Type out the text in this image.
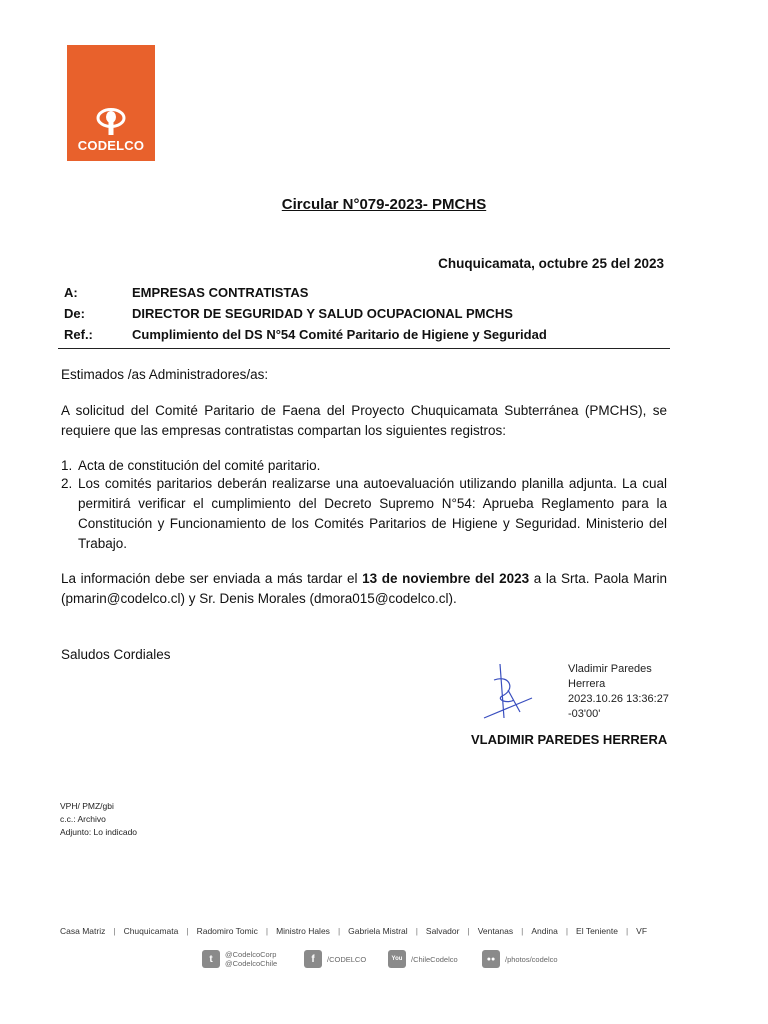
CODELCO
Circular N°079-2023- PMCHS
Chuquicamata, octubre 25 del 2023
A:	EMPRESAS CONTRATISTAS
De:	DIRECTOR DE SEGURIDAD Y SALUD OCUPACIONAL PMCHS
Ref.:	Cumplimiento del DS N°54 Comité Paritario de Higiene y Seguridad
Estimados /as Administradores/as:
A solicitud del Comité Paritario de Faena del Proyecto Chuquicamata Subterránea (PMCHS), se requiere que las empresas contratistas compartan los siguientes registros:
1. Acta de constitución del comité paritario.
2. Los comités paritarios deberán realizarse una autoevaluación utilizando planilla adjunta. La cual permitirá verificar el cumplimiento del Decreto Supremo N°54: Aprueba Reglamento para la Constitución y Funcionamiento de los Comités Paritarios de Higiene y Seguridad. Ministerio del Trabajo.
La información debe ser enviada a más tardar el 13 de noviembre del 2023 a la Srta. Paola Marin (pmarin@codelco.cl) y Sr. Denis Morales (dmora015@codelco.cl).
Saludos Cordiales
Vladimir Paredes
Herrera
2023.10.26 13:36:27
-03'00'
VLADIMIR PAREDES HERRERA
VPH/ PMZ/gbi
c.c.: Archivo
Adjunto: Lo indicado
Casa Matriz | Chuquicamata | Radomiro Tomic | Ministro Hales | Gabriela Mistral | Salvador | Ventanas | Andina | El Teniente | VF
t	@CodelcoCorp
@CodelcoChile	f	/CODELCO	You	/ChileCodelco	●●	/photos/codelco
